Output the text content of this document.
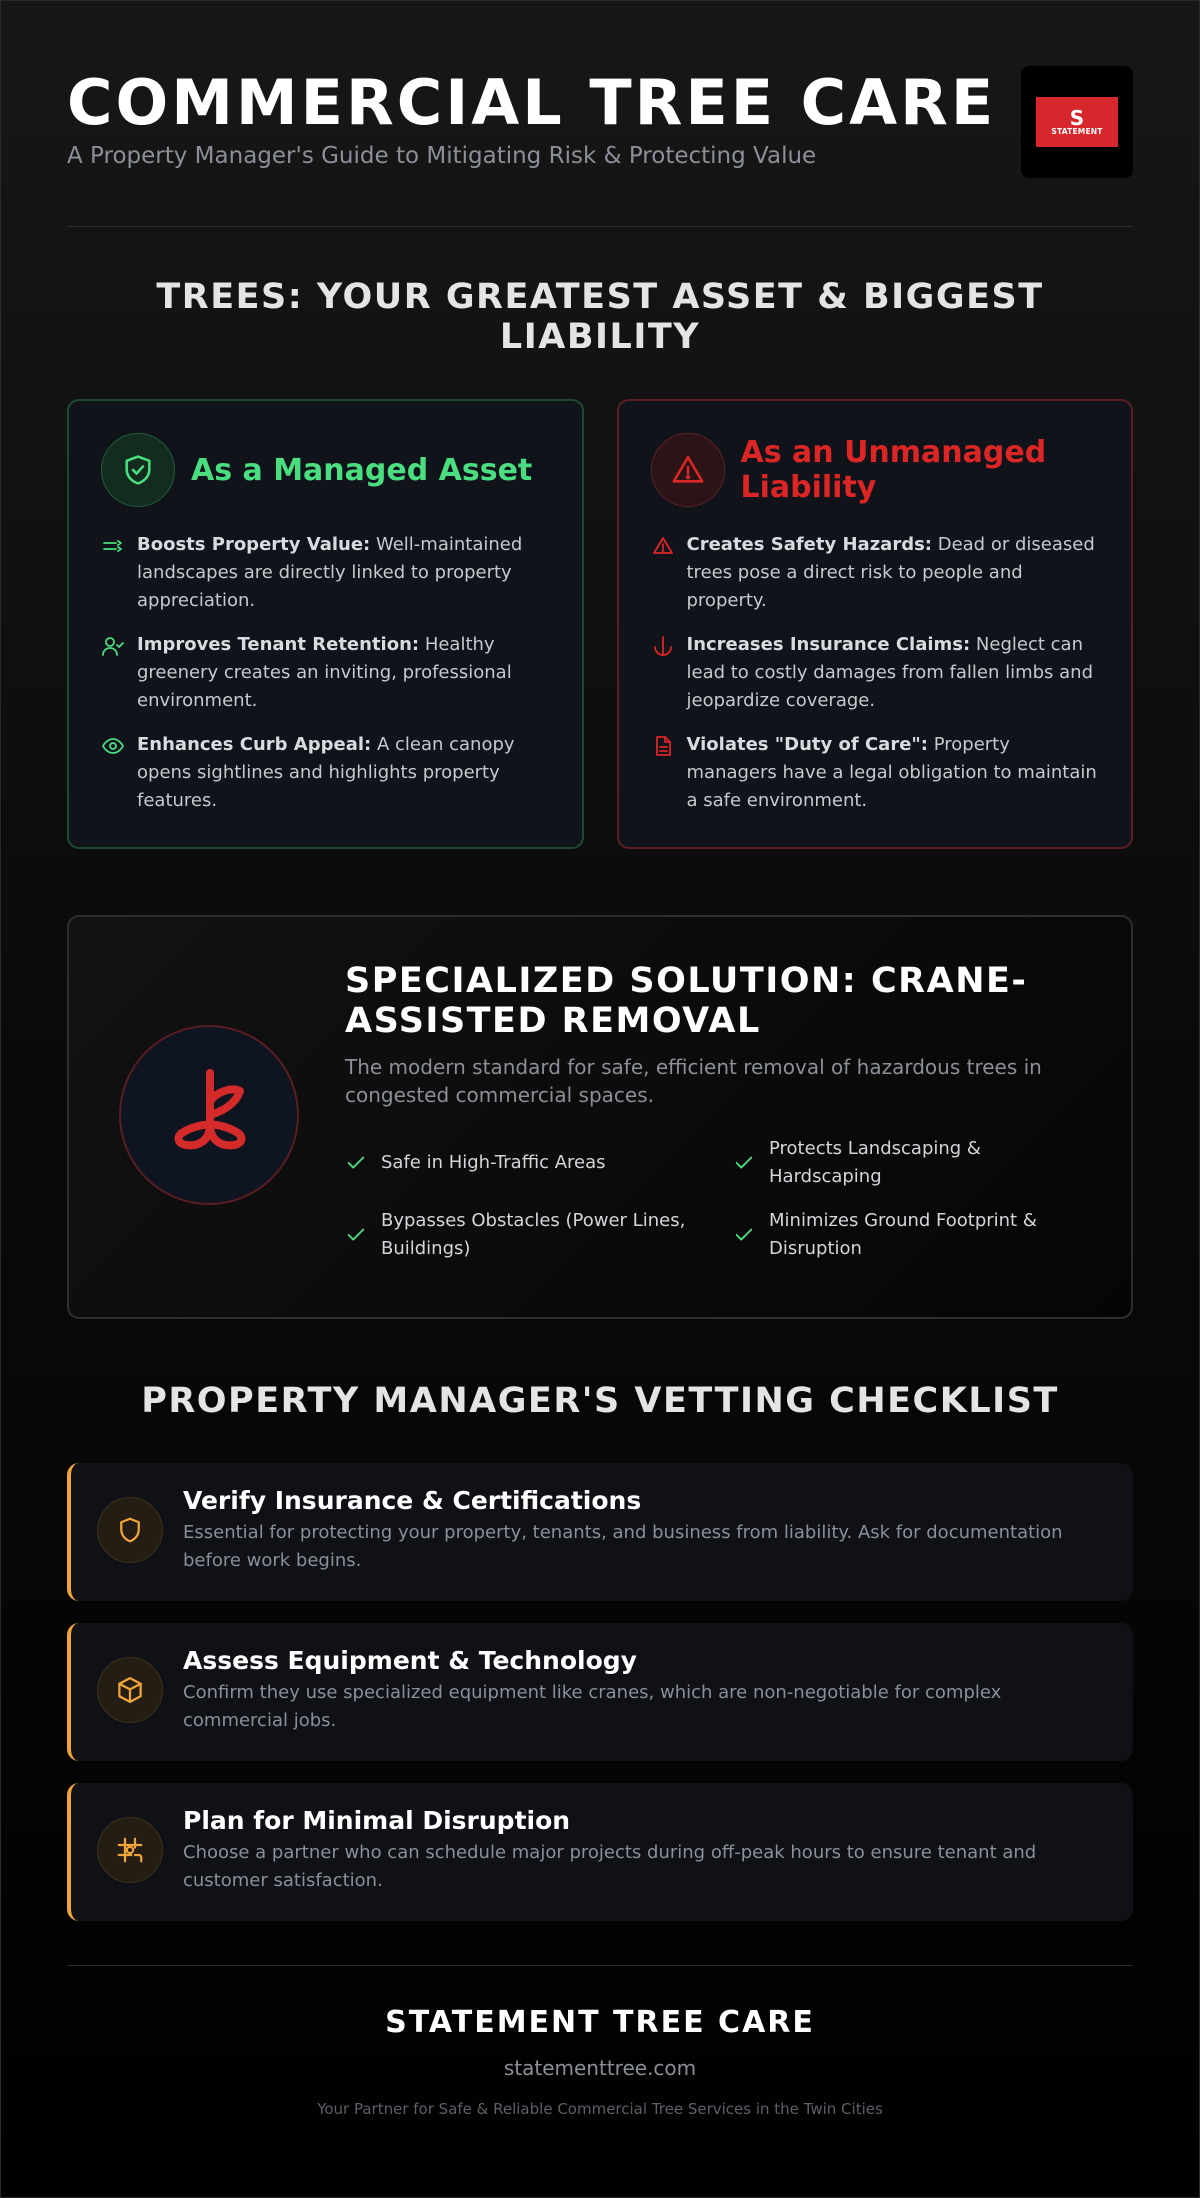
COMMERCIAL TREE CARE

A Property Manager's Guide to Mitigating Risk & Protecting Value

S
STATEMENT
TREES: YOUR GREATEST ASSET & BIGGEST LIABILITY
As a Managed Asset

Boosts Property Value: Well-maintained landscapes are directly linked to property appreciation.

Improves Tenant Retention: Healthy greenery creates an inviting, professional environment.

Enhances Curb Appeal: A clean canopy opens sightlines and highlights property features.

As an Unmanaged Liability

Creates Safety Hazards: Dead or diseased trees pose a direct risk to people and property.

Increases Insurance Claims: Neglect can lead to costly damages from fallen limbs and jeopardize coverage.

Violates "Duty of Care": Property managers have a legal obligation to maintain a safe environment.

SPECIALIZED SOLUTION: CRANE-ASSISTED REMOVAL

The modern standard for safe, efficient removal of hazardous trees in congested commercial spaces.

Safe in High-Traffic Areas
Protects Landscaping & Hardscaping
Bypasses Obstacles (Power Lines, Buildings)
Minimizes Ground Footprint & Disruption
PROPERTY MANAGER'S VETTING CHECKLIST
Verify Insurance & Certifications

Essential for protecting your property, tenants, and business from liability. Ask for documentation before work begins.

Assess Equipment & Technology

Confirm they use specialized equipment like cranes, which are non-negotiable for complex commercial jobs.

Plan for Minimal Disruption

Choose a partner who can schedule major projects during off-peak hours to ensure tenant and customer satisfaction.

STATEMENT TREE CARE
statementtree.com
Your Partner for Safe & Reliable Commercial Tree Services in the Twin Cities
